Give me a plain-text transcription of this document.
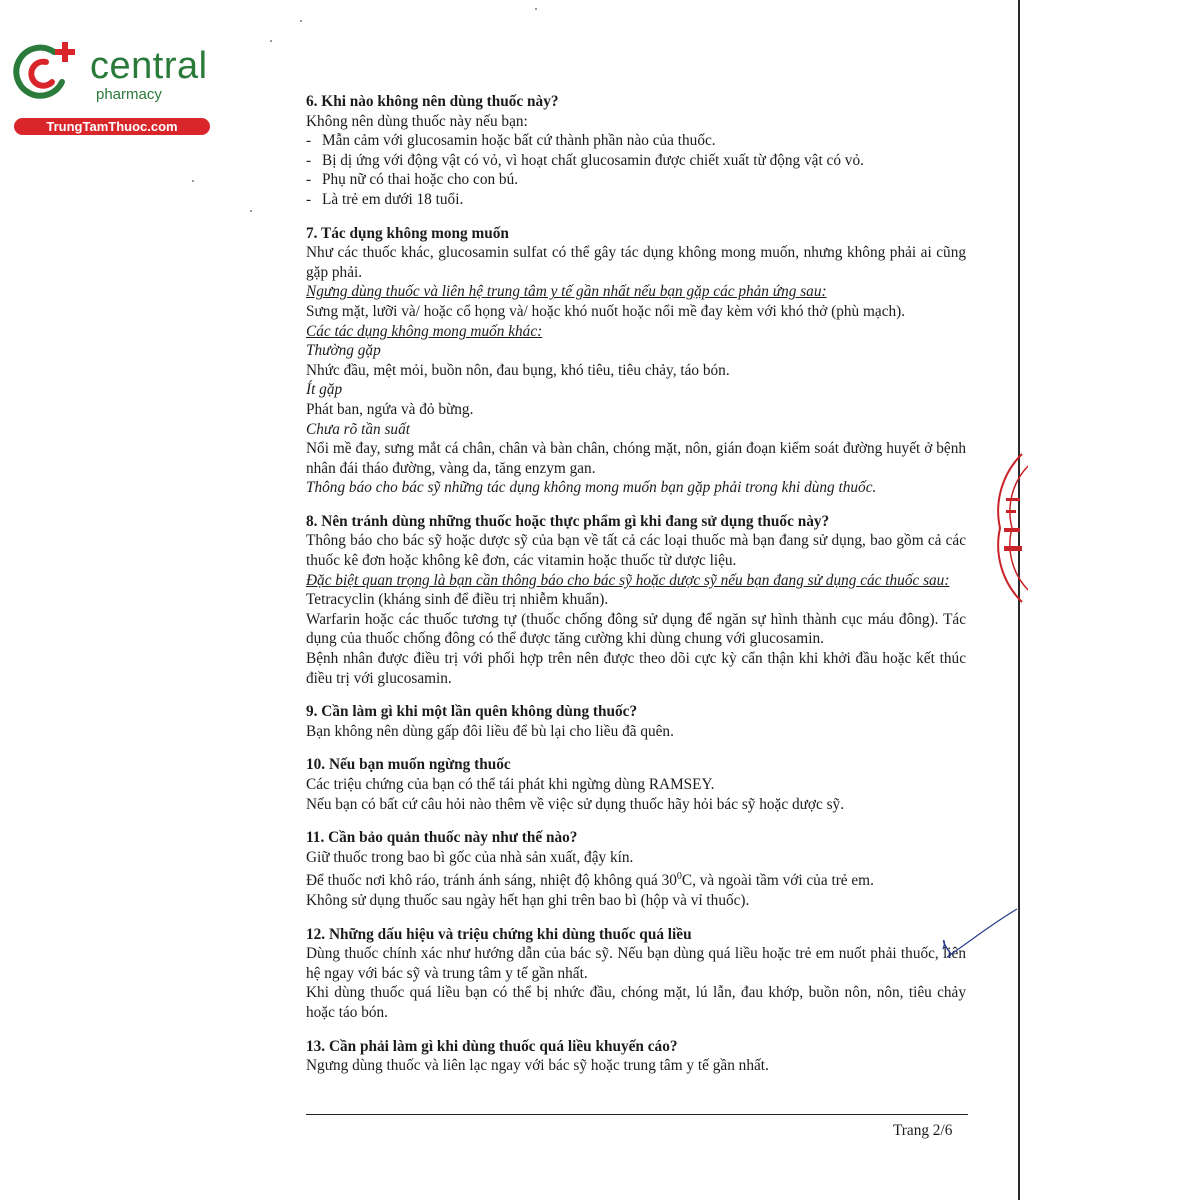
central
pharmacy
TrungTamThuoc.com
6. Khi nào không nên dùng thuốc này?
Không nên dùng thuốc này nếu bạn:
- Mẫn cảm với glucosamin hoặc bất cứ thành phần nào của thuốc.
- Bị dị ứng với động vật có vỏ, vì hoạt chất glucosamin được chiết xuất từ động vật có vỏ.
- Phụ nữ có thai hoặc cho con bú.
- Là trẻ em dưới 18 tuổi.
7. Tác dụng không mong muốn
Như các thuốc khác, glucosamin sulfat có thể gây tác dụng không mong muốn, nhưng không phải ai cũng gặp phải.
Ngưng dùng thuốc và liên hệ trung tâm y tế gần nhất nếu bạn gặp các phản ứng sau:
Sưng mặt, lưỡi và/ hoặc cổ họng và/ hoặc khó nuốt hoặc nổi mề đay kèm với khó thở (phù mạch).
Các tác dụng không mong muốn khác:
Thường gặp
Nhức đầu, mệt mỏi, buồn nôn, đau bụng, khó tiêu, tiêu chảy, táo bón.
Ít gặp
Phát ban, ngứa và đỏ bừng.
Chưa rõ tần suất
Nổi mề đay, sưng mắt cá chân, chân và bàn chân, chóng mặt, nôn, gián đoạn kiểm soát đường huyết ở bệnh nhân đái tháo đường, vàng da, tăng enzym gan.
Thông báo cho bác sỹ những tác dụng không mong muốn bạn gặp phải trong khi dùng thuốc.
8. Nên tránh dùng những thuốc hoặc thực phẩm gì khi đang sử dụng thuốc này?
Thông báo cho bác sỹ hoặc dược sỹ của bạn về tất cả các loại thuốc mà bạn đang sử dụng, bao gồm cả các thuốc kê đơn hoặc không kê đơn, các vitamin hoặc thuốc từ dược liệu.
Đặc biệt quan trọng là bạn cần thông báo cho bác sỹ hoặc dược sỹ nếu bạn đang sử dụng các thuốc sau:
Tetracyclin (kháng sinh để điều trị nhiễm khuẩn).
Warfarin hoặc các thuốc tương tự (thuốc chống đông sử dụng để ngăn sự hình thành cục máu đông). Tác dụng của thuốc chống đông có thể được tăng cường khi dùng chung với glucosamin.
Bệnh nhân được điều trị với phối hợp trên nên được theo dõi cực kỳ cẩn thận khi khởi đầu hoặc kết thúc điều trị với glucosamin.
9. Cần làm gì khi một lần quên không dùng thuốc?
Bạn không nên dùng gấp đôi liều để bù lại cho liều đã quên.
10. Nếu bạn muốn ngừng thuốc
Các triệu chứng của bạn có thể tái phát khi ngừng dùng RAMSEY.
Nếu bạn có bất cứ câu hỏi nào thêm về việc sử dụng thuốc hãy hỏi bác sỹ hoặc dược sỹ.
11. Cần bảo quản thuốc này như thế nào?
Giữ thuốc trong bao bì gốc của nhà sản xuất, đậy kín.
Để thuốc nơi khô ráo, tránh ánh sáng, nhiệt độ không quá $30^0C$, và ngoài tầm với của trẻ em.
Không sử dụng thuốc sau ngày hết hạn ghi trên bao bì (hộp và vỉ thuốc).
12. Những dấu hiệu và triệu chứng khi dùng thuốc quá liều
Dùng thuốc chính xác như hướng dẫn của bác sỹ. Nếu bạn dùng quá liều hoặc trẻ em nuốt phải thuốc, liên hệ ngay với bác sỹ và trung tâm y tế gần nhất.
Khi dùng thuốc quá liều bạn có thể bị nhức đầu, chóng mặt, lú lẫn, đau khớp, buồn nôn, nôn, tiêu chảy hoặc táo bón.
13. Cần phải làm gì khi dùng thuốc quá liều khuyến cáo?
Ngưng dùng thuốc và liên lạc ngay với bác sỹ hoặc trung tâm y tế gần nhất.
Trang 2/6
